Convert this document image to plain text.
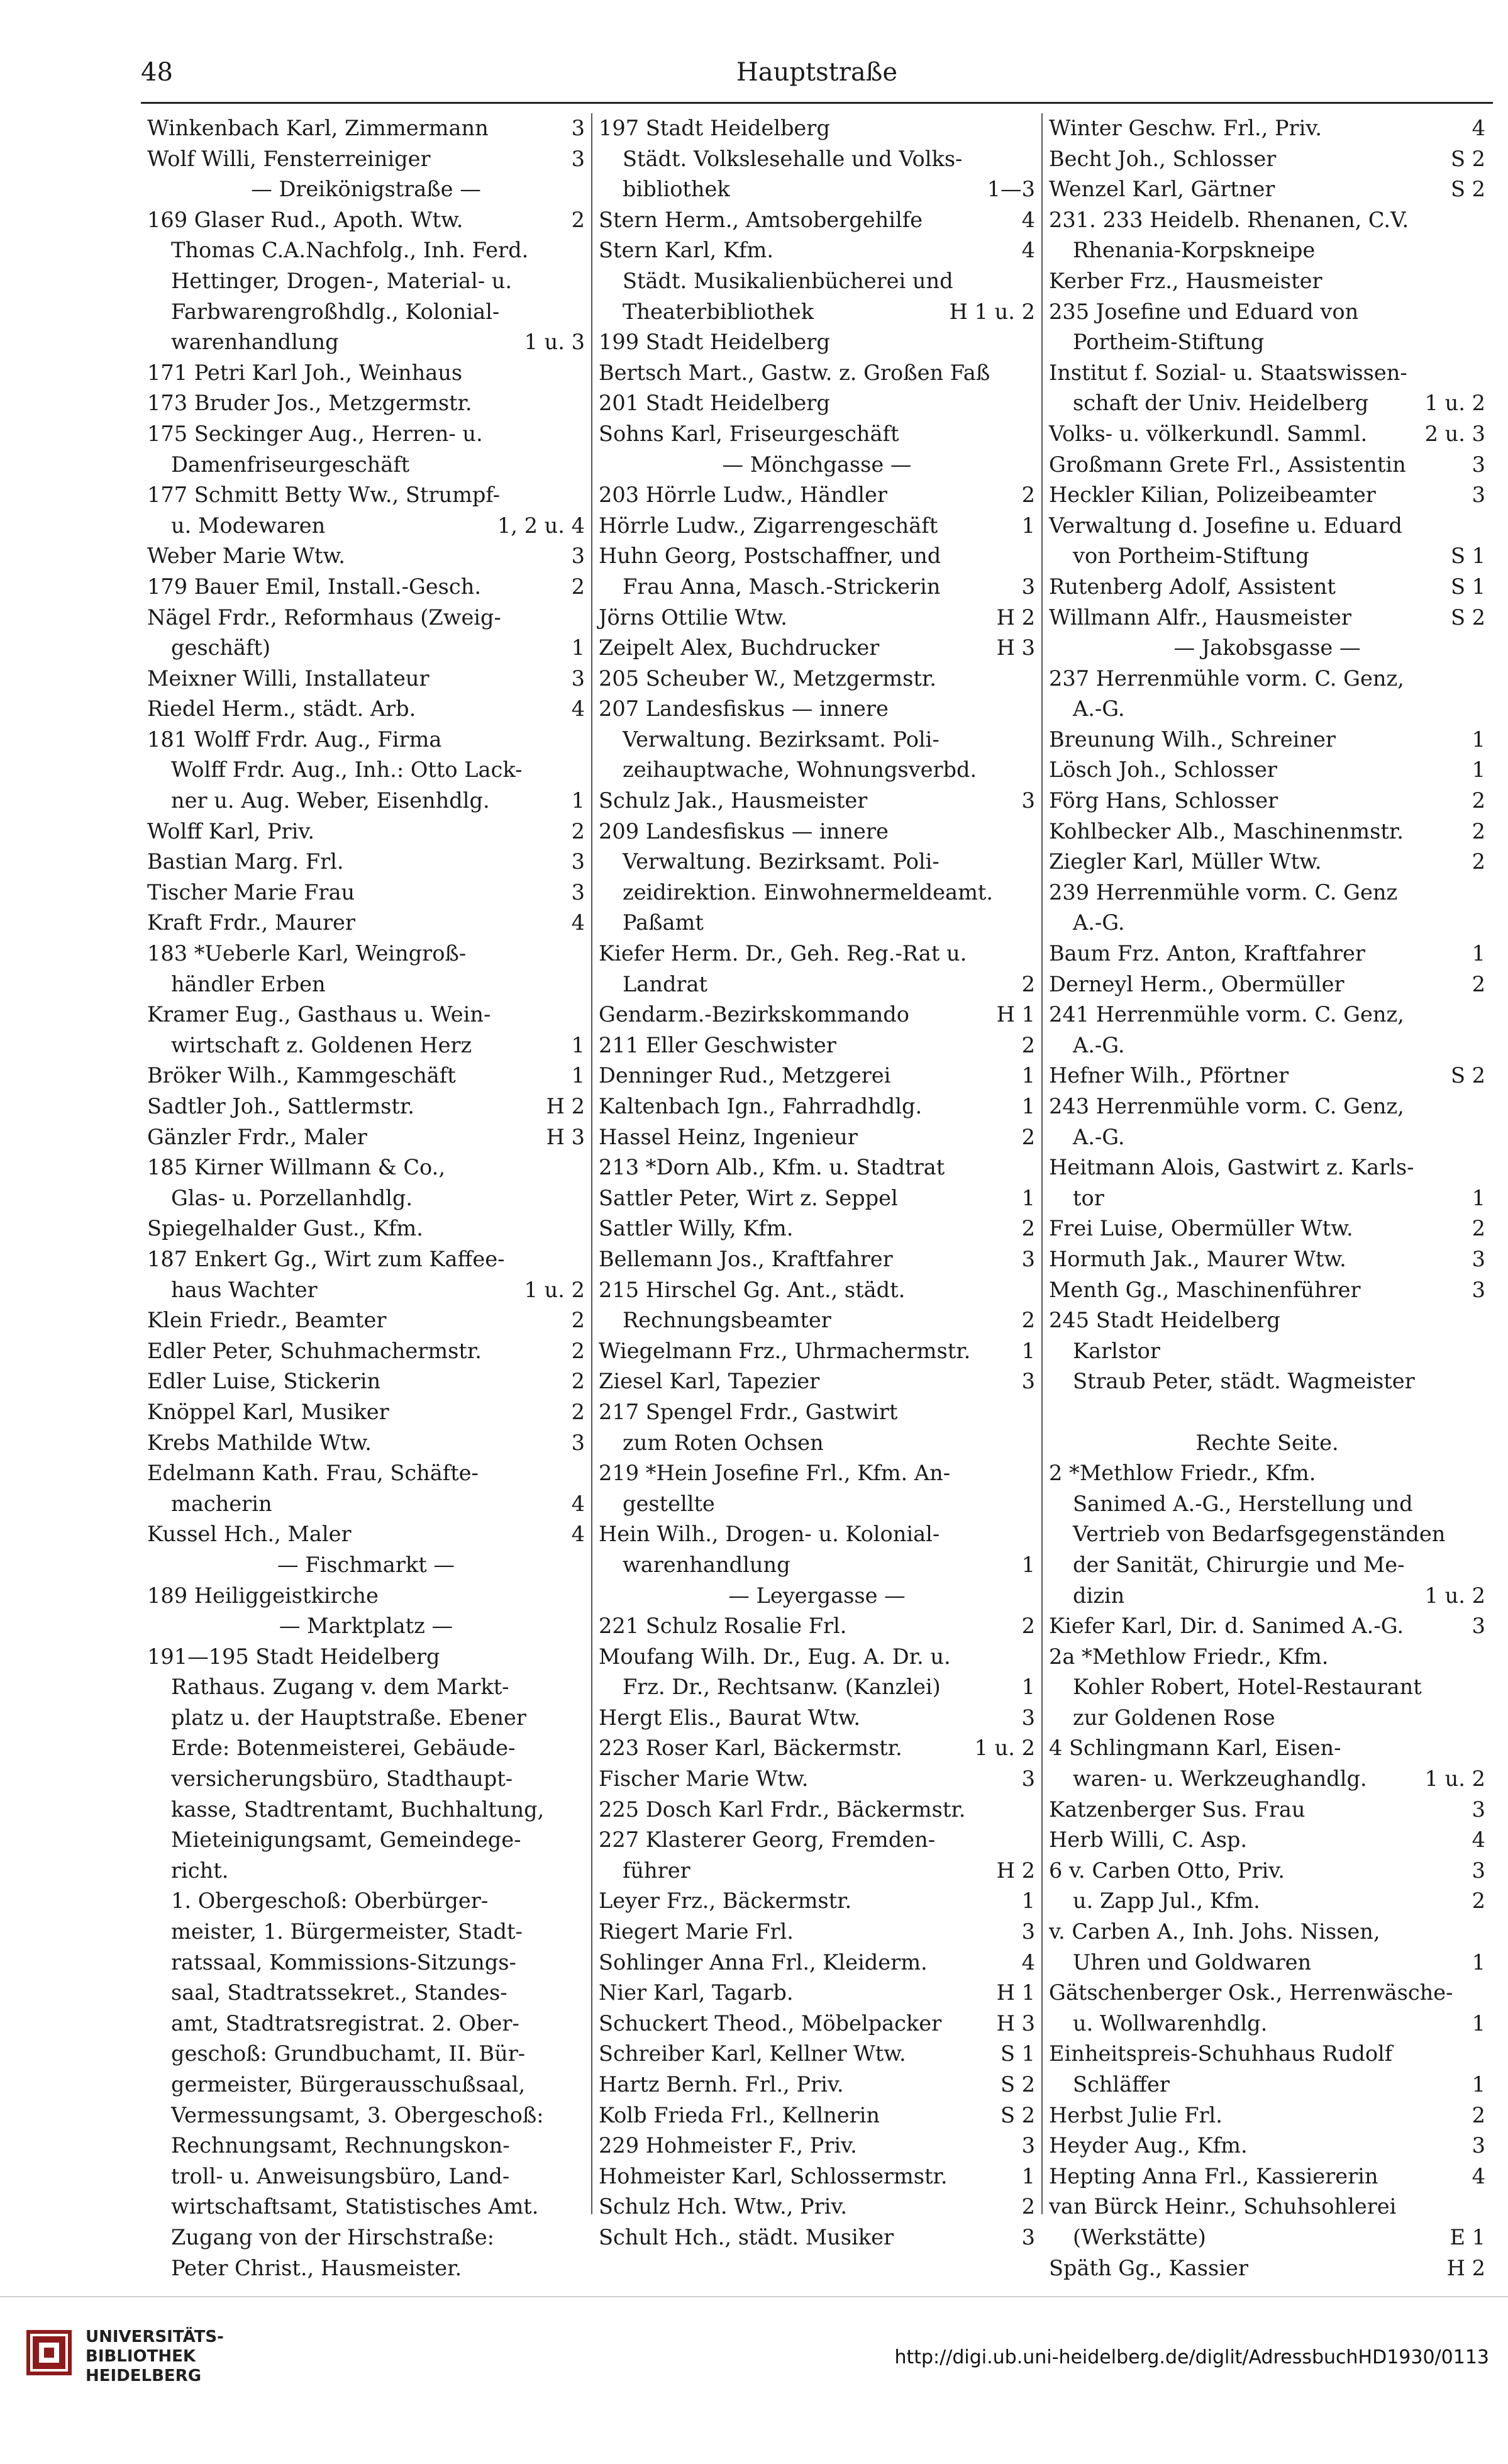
48	Hauptstraße
Winkenbach Karl, Zimmermann	3
Wolf Willi, Fensterreiniger	3
— Dreikönigstraße —
169 Glaser Rud., Apoth. Wtw.	2
Thomas C.A.Nachfolg., Inh. Ferd.
Hettinger, Drogen-, Material- u.
Farbwarengroßhdlg., Kolonial-
warenhandlung	1 u. 3
171 Petri Karl Joh., Weinhaus
173 Bruder Jos., Metzgermstr.
175 Seckinger Aug., Herren- u.
Damenfriseurgeschäft
177 Schmitt Betty Ww., Strumpf-
u. Modewaren	1, 2 u. 4
Weber Marie Wtw.	3
179 Bauer Emil, Install.-Gesch.	2
Nägel Frdr., Reformhaus (Zweig-
geschäft)	1
Meixner Willi, Installateur	3
Riedel Herm., städt. Arb.	4
181 Wolff Frdr. Aug., Firma
Wolff Frdr. Aug., Inh.: Otto Lack-
ner u. Aug. Weber, Eisenhdlg.	1
Wolff Karl, Priv.	2
Bastian Marg. Frl.	3
Tischer Marie Frau	3
Kraft Frdr., Maurer	4
183 *Ueberle Karl, Weingroß-
händler Erben
Kramer Eug., Gasthaus u. Wein-
wirtschaft z. Goldenen Herz	1
Bröker Wilh., Kammgeschäft	1
Sadtler Joh., Sattlermstr.	H 2
Gänzler Frdr., Maler	H 3
185 Kirner Willmann & Co.,
Glas- u. Porzellanhdlg.
Spiegelhalder Gust., Kfm.
187 Enkert Gg., Wirt zum Kaffee-
haus Wachter	1 u. 2
Klein Friedr., Beamter	2
Edler Peter, Schuhmachermstr.	2
Edler Luise, Stickerin	2
Knöppel Karl, Musiker	2
Krebs Mathilde Wtw.	3
Edelmann Kath. Frau, Schäfte-
macherin	4
Kussel Hch., Maler	4
— Fischmarkt —
189 Heiliggeistkirche
— Marktplatz —
191—195 Stadt Heidelberg
Rathaus. Zugang v. dem Markt-
platz u. der Hauptstraße. Ebener
Erde: Botenmeisterei, Gebäude-
versicherungsbüro, Stadthaupt-
kasse, Stadtrentamt, Buchhaltung,
Mieteinigungsamt, Gemeindege-
richt.
1. Obergeschoß: Oberbürger-
meister, 1. Bürgermeister, Stadt-
ratssaal, Kommissions-Sitzungs-
saal, Stadtratssekret., Standes-
amt, Stadtratsregistrat. 2. Ober-
geschoß: Grundbuchamt, II. Bür-
germeister, Bürgerausschußsaal,
Vermessungsamt, 3. Obergeschoß:
Rechnungsamt, Rechnungskon-
troll- u. Anweisungsbüro, Land-
wirtschaftsamt, Statistisches Amt.
Zugang von der Hirschstraße:
Peter Christ., Hausmeister.
197 Stadt Heidelberg
Städt. Volkslesehalle und Volks-
bibliothek	1—3
Stern Herm., Amtsobergehilfe	4
Stern Karl, Kfm.	4
Städt. Musikalienbücherei und
Theaterbibliothek	H 1 u. 2
199 Stadt Heidelberg
Bertsch Mart., Gastw. z. Großen Faß
201 Stadt Heidelberg
Sohns Karl, Friseurgeschäft
— Mönchgasse —
203 Hörrle Ludw., Händler	2
Hörrle Ludw., Zigarrengeschäft	1
Huhn Georg, Postschaffner, und
Frau Anna, Masch.-Strickerin	3
Jörns Ottilie Wtw.	H 2
Zeipelt Alex, Buchdrucker	H 3
205 Scheuber W., Metzgermstr.
207 Landesfiskus — innere
Verwaltung. Bezirksamt. Poli-
zeihauptwache, Wohnungsverbd.
Schulz Jak., Hausmeister	3
209 Landesfiskus — innere
Verwaltung. Bezirksamt. Poli-
zeidirektion. Einwohnermeldeamt.
Paßamt
Kiefer Herm. Dr., Geh. Reg.-Rat u.
Landrat	2
Gendarm.-Bezirkskommando	H 1
211 Eller Geschwister	2
Denninger Rud., Metzgerei	1
Kaltenbach Ign., Fahrradhdlg.	1
Hassel Heinz, Ingenieur	2
213 *Dorn Alb., Kfm. u. Stadtrat
Sattler Peter, Wirt z. Seppel	1
Sattler Willy, Kfm.	2
Bellemann Jos., Kraftfahrer	3
215 Hirschel Gg. Ant., städt.
Rechnungsbeamter	2
Wiegelmann Frz., Uhrmachermstr.	1
Ziesel Karl, Tapezier	3
217 Spengel Frdr., Gastwirt
zum Roten Ochsen
219 *Hein Josefine Frl., Kfm. An-
gestellte
Hein Wilh., Drogen- u. Kolonial-
warenhandlung	1
— Leyergasse —
221 Schulz Rosalie Frl.	2
Moufang Wilh. Dr., Eug. A. Dr. u.
Frz. Dr., Rechtsanw. (Kanzlei)	1
Hergt Elis., Baurat Wtw.	3
223 Roser Karl, Bäckermstr.	1 u. 2
Fischer Marie Wtw.	3
225 Dosch Karl Frdr., Bäckermstr.
227 Klasterer Georg, Fremden-
führer	H 2
Leyer Frz., Bäckermstr.	1
Riegert Marie Frl.	3
Sohlinger Anna Frl., Kleiderm.	4
Nier Karl, Tagarb.	H 1
Schuckert Theod., Möbelpacker	H 3
Schreiber Karl, Kellner Wtw.	S 1
Hartz Bernh. Frl., Priv.	S 2
Kolb Frieda Frl., Kellnerin	S 2
229 Hohmeister F., Priv.	3
Hohmeister Karl, Schlossermstr.	1
Schulz Hch. Wtw., Priv.	2
Schult Hch., städt. Musiker	3
Winter Geschw. Frl., Priv.	4
Becht Joh., Schlosser	S 2
Wenzel Karl, Gärtner	S 2
231. 233 Heidelb. Rhenanen, C.V.
Rhenania-Korpskneipe
Kerber Frz., Hausmeister
235 Josefine und Eduard von
Portheim-Stiftung
Institut f. Sozial- u. Staatswissen-
schaft der Univ. Heidelberg	1 u. 2
Volks- u. völkerkundl. Samml.	2 u. 3
Großmann Grete Frl., Assistentin	3
Heckler Kilian, Polizeibeamter	3
Verwaltung d. Josefine u. Eduard
von Portheim-Stiftung	S 1
Rutenberg Adolf, Assistent	S 1
Willmann Alfr., Hausmeister	S 2
— Jakobsgasse —
237 Herrenmühle vorm. C. Genz,
A.-G.
Breunung Wilh., Schreiner	1
Lösch Joh., Schlosser	1
Förg Hans, Schlosser	2
Kohlbecker Alb., Maschinenmstr.	2
Ziegler Karl, Müller Wtw.	2
239 Herrenmühle vorm. C. Genz
A.-G.
Baum Frz. Anton, Kraftfahrer	1
Derneyl Herm., Obermüller	2
241 Herrenmühle vorm. C. Genz,
A.-G.
Hefner Wilh., Pförtner	S 2
243 Herrenmühle vorm. C. Genz,
A.-G.
Heitmann Alois, Gastwirt z. Karls-
tor	1
Frei Luise, Obermüller Wtw.	2
Hormuth Jak., Maurer Wtw.	3
Menth Gg., Maschinenführer	3
245 Stadt Heidelberg
Karlstor
Straub Peter, städt. Wagmeister
Rechte Seite.
2 *Methlow Friedr., Kfm.
Sanimed A.-G., Herstellung und
Vertrieb von Bedarfsgegenständen
der Sanität, Chirurgie und Me-
dizin	1 u. 2
Kiefer Karl, Dir. d. Sanimed A.-G.	3
2a *Methlow Friedr., Kfm.
Kohler Robert, Hotel-Restaurant
zur Goldenen Rose
4 Schlingmann Karl, Eisen-
waren- u. Werkzeughandlg.	1 u. 2
Katzenberger Sus. Frau	3
Herb Willi, C. Asp.	4
6 v. Carben Otto, Priv.	3
u. Zapp Jul., Kfm.	2
v. Carben A., Inh. Johs. Nissen,
Uhren und Goldwaren	1
Gätschenberger Osk., Herrenwäsche-
u. Wollwarenhdlg.	1
Einheitspreis-Schuhhaus Rudolf
Schläffer	1
Herbst Julie Frl.	2
Heyder Aug., Kfm.	3
Hepting Anna Frl., Kassiererin	4
van Bürck Heinr., Schuhsohlerei
(Werkstätte)	E 1
Späth Gg., Kassier	H 2
UNIVERSITÄTS-
BIBLIOTHEK
HEIDELBERG
http://digi.ub.uni-heidelberg.de/diglit/AdressbuchHD1930/0113
